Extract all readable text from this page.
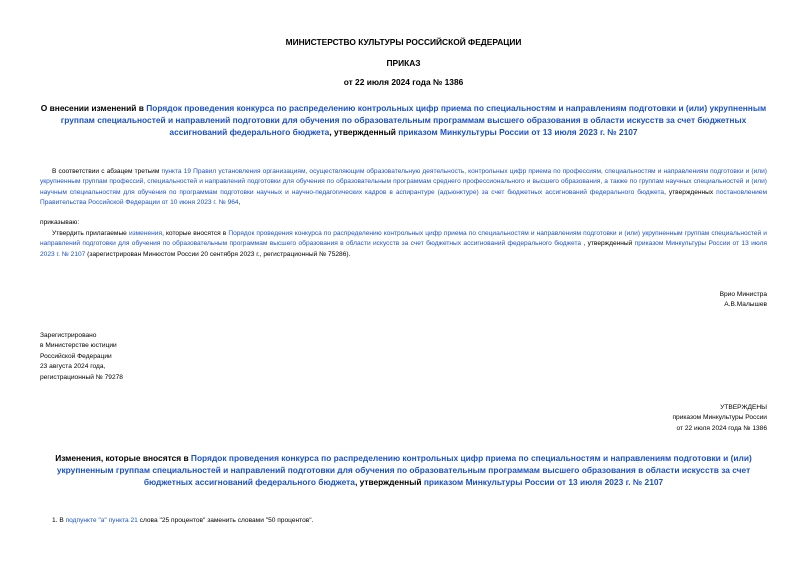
МИНИСТЕРСТВО КУЛЬТУРЫ РОССИЙСКОЙ ФЕДЕРАЦИИ
ПРИКАЗ
от 22 июля 2024 года № 1386
О внесении изменений в Порядок проведения конкурса по распределению контрольных цифр приема по специальностям и направлениям подготовки и (или) укрупненным группам специальностей и направлений подготовки для обучения по образовательным программам высшего образования в области искусств за счет бюджетных ассигнований федерального бюджета, утвержденный приказом Минкультуры России от 13 июля 2023 г. № 2107
В соответствии с абзацем третьим пункта 19 Правил установления организациям, осуществляющим образовательную деятельность, контрольных цифр приема по профессиям, специальностям и направлениям подготовки и (или) укрупненным группам профессий, специальностей и направлений подготовки для обучения по образовательным программам среднего профессионального и высшего образования, а также по группам научных специальностей и (или) научным специальностям для обучения по программам подготовки научных и научно-педагогических кадров в аспирантуре (адъюнктуре) за счет бюджетных ассигнований федерального бюджета, утвержденных постановлением Правительства Российской Федерации от 10 июня 2023 г. № 964,
приказываю:
Утвердить прилагаемые изменения, которые вносятся в Порядок проведения конкурса по распределению контрольных цифр приема по специальностям и направлениям подготовки и (или) укрупненным группам специальностей и направлений подготовки для обучения по образовательным программам высшего образования в области искусств за счет бюджетных ассигнований федерального бюджета , утвержденный приказом Минкультуры России от 13 июля 2023 г. № 2107 (зарегистрирован Минюстом России 20 сентября 2023 г., регистрационный № 75286).
Врио Министра
А.В.Малышев
Зарегистрировано
в Министерстве юстиции
Российской Федерации
23 августа 2024 года,
регистрационный № 79278
УТВЕРЖДЕНЫ
приказом Минкультуры России
от 22 июля 2024 года № 1386
Изменения, которые вносятся в Порядок проведения конкурса по распределению контрольных цифр приема по специальностям и направлениям подготовки и (или) укрупненным группам специальностей и направлений подготовки для обучения по образовательным программам высшего образования в области искусств за счет бюджетных ассигнований федерального бюджета, утвержденный приказом Минкультуры России от 13 июля 2023 г. № 2107
1. В подпункте "а" пункта 21 слова "25 процентов" заменить словами "50 процентов".
